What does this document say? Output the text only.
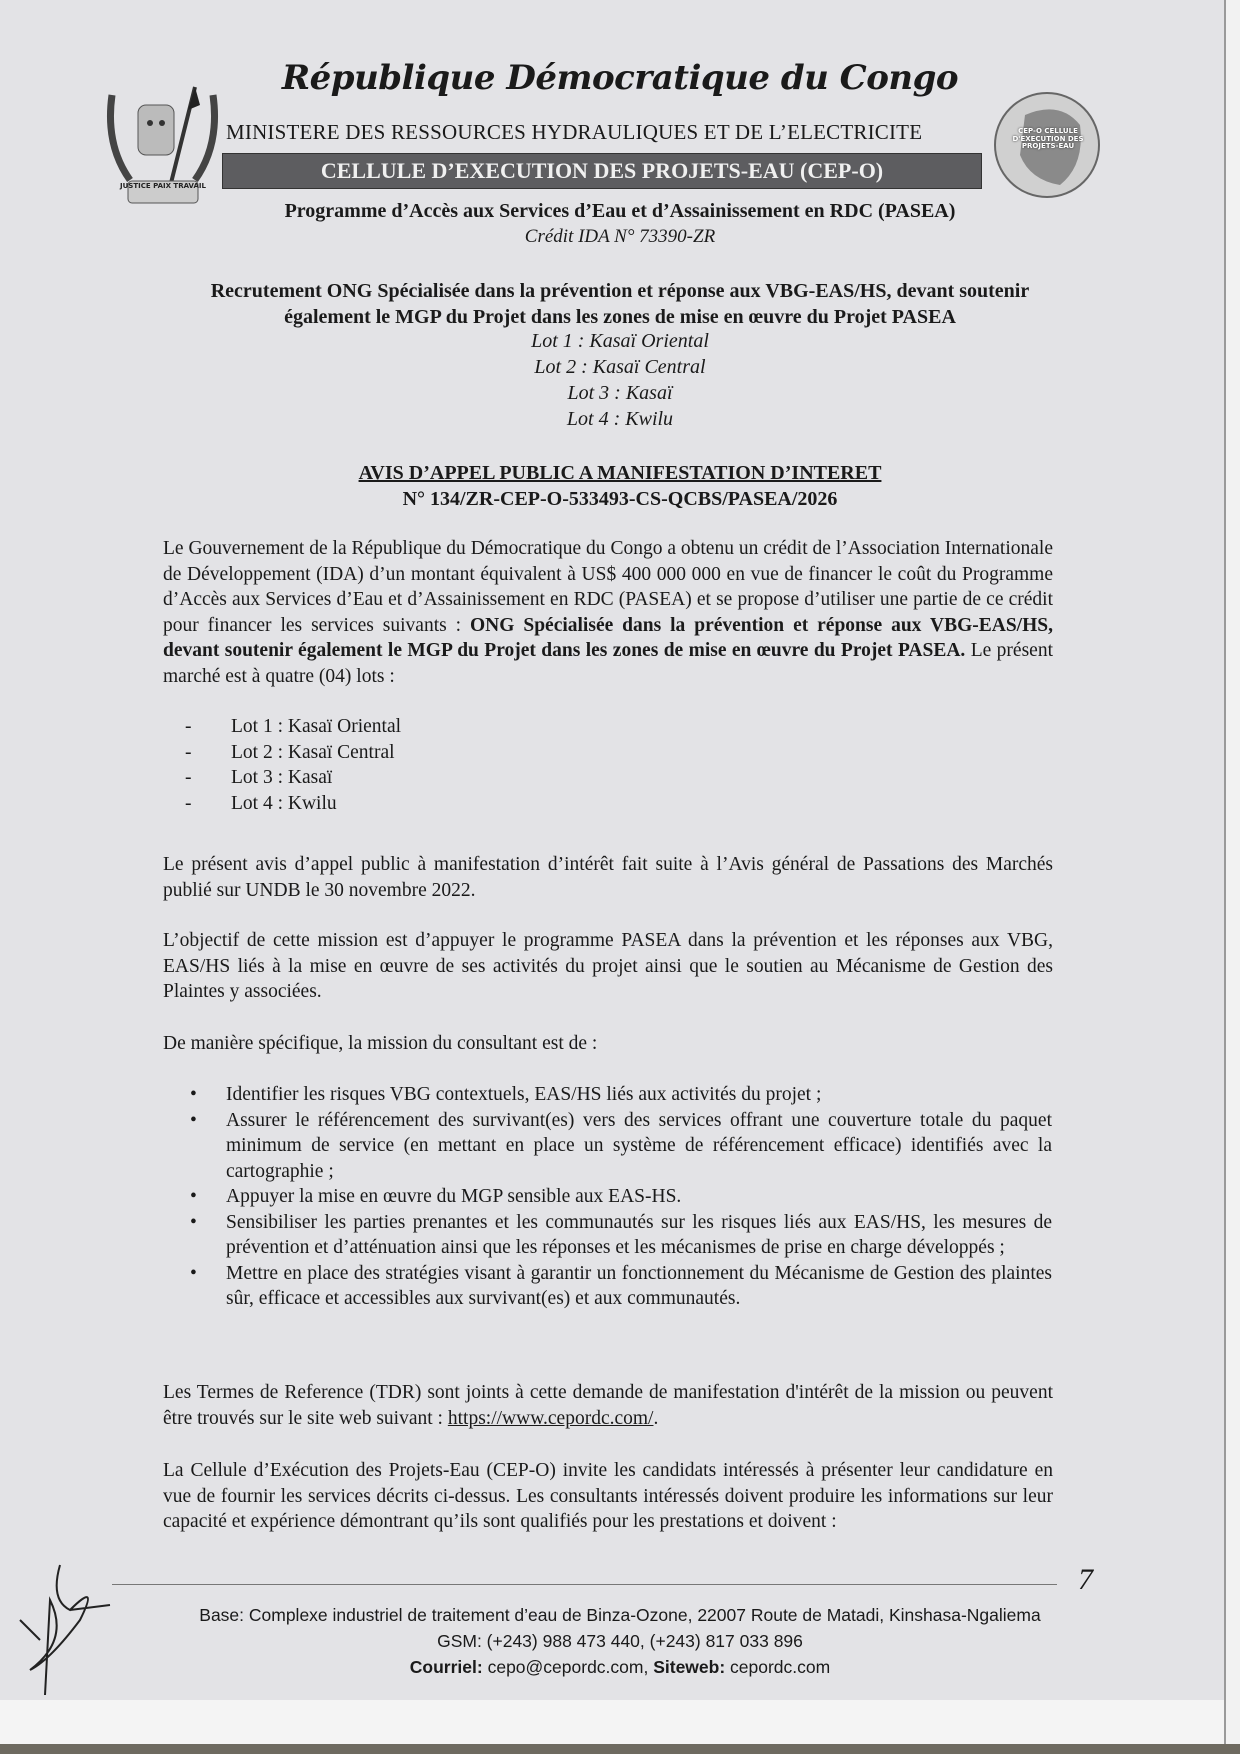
JUSTICE PAIX TRAVAIL
CEP-O CELLULE D'EXECUTION DES PROJETS-EAU
République Démocratique du Congo
MINISTERE DES RESSOURCES HYDRAULIQUES ET DE L’ELECTRICITE
CELLULE D’EXECUTION DES PROJETS-EAU (CEP-O)
Programme d’Accès aux Services d’Eau et d’Assainissement en RDC (PASEA)
Crédit IDA N° 73390-ZR
Recrutement ONG Spécialisée dans la prévention et réponse aux VBG-EAS/HS, devant soutenir également le MGP du Projet dans les zones de mise en œuvre du Projet PASEA
Lot 1 : Kasaï Oriental
Lot 2 : Kasaï Central
Lot 3 : Kasaï
Lot 4 : Kwilu
AVIS D’APPEL PUBLIC A MANIFESTATION D’INTERET
N° 134/ZR-CEP-O-533493-CS-QCBS/PASEA/2026

Le Gouvernement de la République du Démocratique du Congo a obtenu un crédit de l’Association Internationale de Développement (IDA) d’un montant équivalent à US$ 400 000 000 en vue de financer le coût du Programme d’Accès aux Services d’Eau et d’Assainissement en RDC (PASEA) et se propose d’utiliser une partie de ce crédit pour financer les services suivants : ONG Spécialisée dans la prévention et réponse aux VBG-EAS/HS, devant soutenir également le MGP du Projet dans les zones de mise en œuvre du Projet PASEA. Le présent marché est à quatre (04) lots :

- Lot 1 : Kasaï Oriental
- Lot 2 : Kasaï Central
- Lot 3 : Kasaï
- Lot 4 : Kwilu
Le présent avis d’appel public à manifestation d’intérêt fait suite à l’Avis général de Passations des Marchés publié sur UNDB le 30 novembre 2022.
L’objectif de cette mission est d’appuyer le programme PASEA dans la prévention et les réponses aux VBG, EAS/HS liés à la mise en œuvre de ses activités du projet ainsi que le soutien au Mécanisme de Gestion des Plaintes y associées.
De manière spécifique, la mission du consultant est de :
• Identifier les risques VBG contextuels, EAS/HS liés aux activités du projet ;
• Assurer le référencement des survivant(es) vers des services offrant une couverture totale du paquet minimum de service (en mettant en place un système de référencement efficace) identifiés avec la cartographie ;
• Appuyer la mise en œuvre du MGP sensible aux EAS-HS.
• Sensibiliser les parties prenantes et les communautés sur les risques liés aux EAS/HS, les mesures de prévention et d’atténuation ainsi que les réponses et les mécanismes de prise en charge développés ;
• Mettre en place des stratégies visant à garantir un fonctionnement du Mécanisme de Gestion des plaintes sûr, efficace et accessibles aux survivant(es) et aux communautés.
Les Termes de Reference (TDR) sont joints à cette demande de manifestation d'intérêt de la mission ou peuvent être trouvés sur le site web suivant : https://www.cepordc.com/.
La Cellule d’Exécution des Projets-Eau (CEP-O) invite les candidats intéressés à présenter leur candidature en vue de fournir les services décrits ci-dessus. Les consultants intéressés doivent produire les informations sur leur capacité et expérience démontrant qu’ils sont qualifiés pour les prestations et doivent :
7
Base: Complexe industriel de traitement d’eau de Binza-Ozone, 22007 Route de Matadi, Kinshasa-Ngaliema
GSM: (+243) 988 473 440, (+243) 817 033 896
Courriel: cepo@cepordc.com, Siteweb: cepordc.com
